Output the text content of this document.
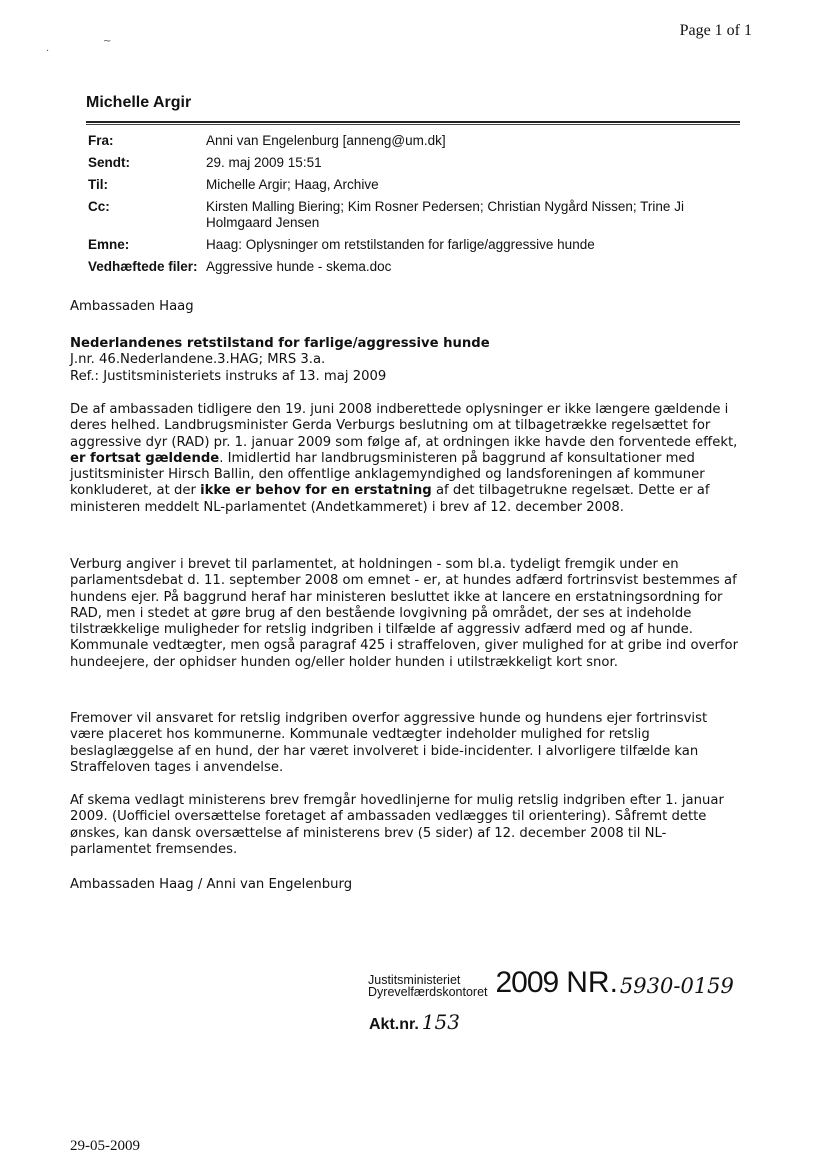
Page 1 of 1
~
·
Michelle Argir
Fra:	Anni van Engelenburg [anneng@um.dk]
Sendt:	29. maj 2009 15:51
Til:	Michelle Argir; Haag, Archive
Cc:	Kirsten Malling Biering; Kim Rosner Pedersen; Christian Nygård Nissen; Trine Ji Holmgaard Jensen
Emne:	Haag: Oplysninger om retstilstanden for farlige/aggressive hunde
Vedhæftede filer: Aggressive hunde - skema.doc
Ambassaden Haag

Nederlandenes retstilstand for farlige/aggressive hunde

J.nr. 46.Nederlandene.3.HAG; MRS 3.a.

Ref.: Justitsministeriets instruks af 13. maj 2009

De af ambassaden tidligere den 19. juni 2008 indberettede oplysninger er ikke længere gældende i deres helhed. Landbrugsminister Gerda Verburgs beslutning om at tilbagetrække regelsættet for aggressive dyr (RAD) pr. 1. januar 2009 som følge af, at ordningen ikke havde den forventede effekt, er fortsat gældende. Imidlertid har landbrugsministeren på baggrund af konsultationer med justitsminister Hirsch Ballin, den offentlige anklagemyndighed og landsforeningen af kommuner konkluderet, at der ikke er behov for en erstatning af det tilbagetrukne regelsæt. Dette er af ministeren meddelt NL-parlamentet (Andetkammeret) i brev af 12. december 2008.
Verburg angiver i brevet til parlamentet, at holdningen - som bl.a. tydeligt fremgik under en parlamentsdebat d. 11. september 2008 om emnet - er, at hundes adfærd fortrinsvist bestemmes af hundens ejer. På baggrund heraf har ministeren besluttet ikke at lancere en erstatningsordning for RAD, men i stedet at gøre brug af den bestående lovgivning på området, der ses at indeholde tilstrækkelige muligheder for retslig indgriben i tilfælde af aggressiv adfærd med og af hunde. Kommunale vedtægter, men også paragraf 425 i straffeloven, giver mulighed for at gribe ind overfor hundeejere, der ophidser hunden og/eller holder hunden i utilstrækkeligt kort snor.
Fremover vil ansvaret for retslig indgriben overfor aggressive hunde og hundens ejer fortrinsvist være placeret hos kommunerne. Kommunale vedtægter indeholder mulighed for retslig beslaglæggelse af en hund, der har været involveret i bide-incidenter. I alvorligere tilfælde kan Straffeloven tages i anvendelse.
Af skema vedlagt ministerens brev fremgår hovedlinjerne for mulig retslig indgriben efter 1. januar 2009. (Uofficiel oversættelse foretaget af ambassaden vedlægges til orientering). Såfremt dette ønskes, kan dansk oversættelse af ministerens brev (5 sider) af 12. december 2008 til NL-parlamentet fremsendes.
Ambassaden Haag / Anni van Engelenburg
Justitsministeriet
Dyrevelfærdskontoret 2009 NR.5930-0159
Akt.nr. 153
29-05-2009
